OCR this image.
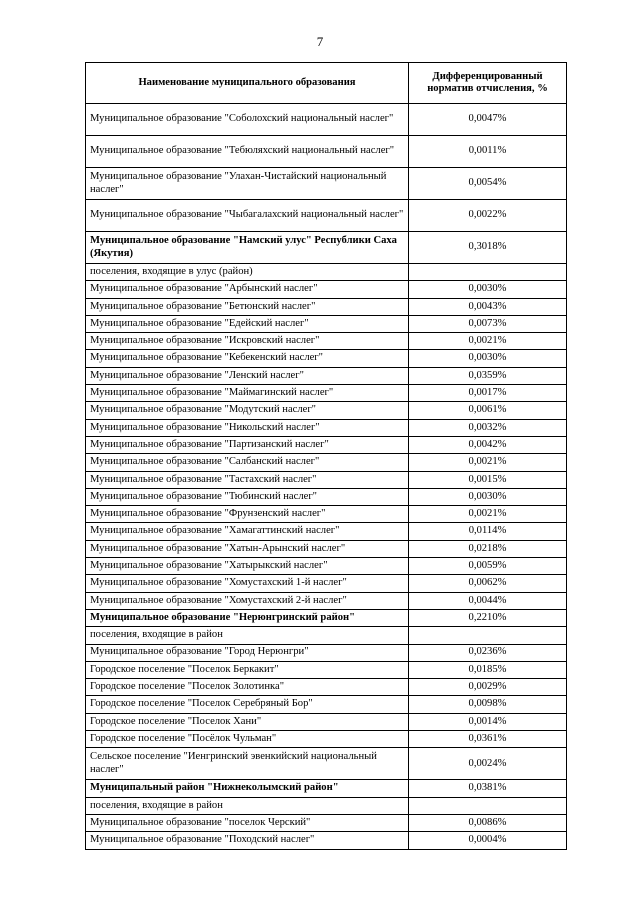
7
Наименование муниципального образования	Дифференцированный норматив отчисления, %
Муниципальное образование "Соболохский национальный наслег"	0,0047%
Муниципальное образование "Тебюляхский национальный наслег"	0,0011%
Муниципальное образование "Улахан-Чистайский национальный наслег"	0,0054%
Муниципальное образование "Чыбагалахский национальный наслег"	0,0022%
Муниципальное образование "Намский улус" Республики Саха (Якутия)	0,3018%
поселения, входящие в улус (район)	
Муниципальное образование "Арбынский наслег"	0,0030%
Муниципальное образование "Бетюнский наслег"	0,0043%
Муниципальное образование "Едейский наслег"	0,0073%
Муниципальное образование "Искровский наслег"	0,0021%
Муниципальное образование "Кебекенский наслег"	0,0030%
Муниципальное образование "Ленский наслег"	0,0359%
Муниципальное образование "Маймагинский наслег"	0,0017%
Муниципальное образование "Модутский наслег"	0,0061%
Муниципальное образование "Никольский наслег"	0,0032%
Муниципальное образование "Партизанский наслег"	0,0042%
Муниципальное образование "Салбанский наслег"	0,0021%
Муниципальное образование "Тастахский наслег"	0,0015%
Муниципальное образование "Тюбинский наслег"	0,0030%
Муниципальное образование "Фрунзенский наслег"	0,0021%
Муниципальное образование "Хамагаттинский наслег"	0,0114%
Муниципальное образование "Хатын-Арынский наслег"	0,0218%
Муниципальное образование "Хатырыкский наслег"	0,0059%
Муниципальное образование "Хомустахский 1-й наслег"	0,0062%
Муниципальное образование "Хомустахский 2-й наслег"	0,0044%
Муниципальное образование "Нерюнгринский район"	0,2210%
поселения, входящие в район	
Муниципальное образование "Город Нерюнгри"	0,0236%
Городское поселение "Поселок Беркакит"	0,0185%
Городское поселение "Поселок Золотинка"	0,0029%
Городское поселение "Поселок Серебряный Бор"	0,0098%
Городское поселение "Поселок Хани"	0,0014%
Городское поселение "Посёлок Чульман"	0,0361%
Сельское поселение "Иенгринский эвенкийский национальный наслег"	0,0024%
Муниципальный район "Нижнеколымский район"	0,0381%
поселения, входящие в район	
Муниципальное образование "поселок Черский"	0,0086%
Муниципальное образование "Походский наслег"	0,0004%
